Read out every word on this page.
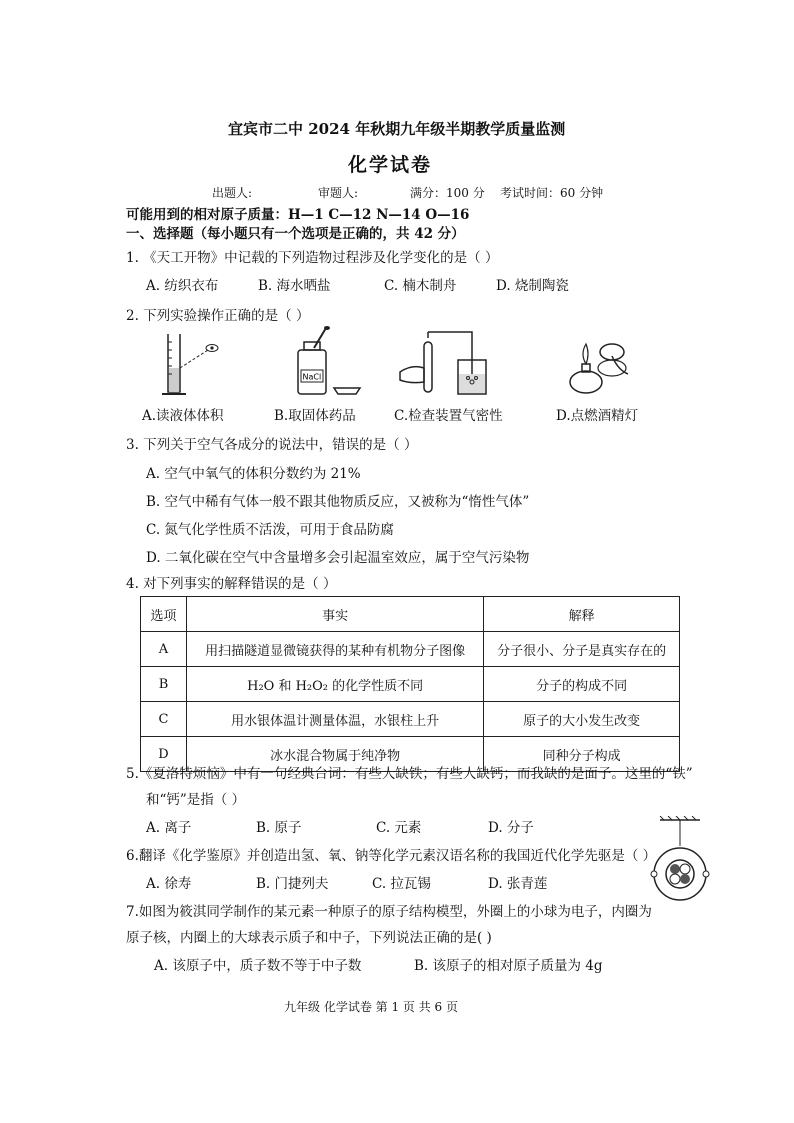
宜宾市二中 2024 年秋期九年级半期教学质量监测
化学试卷
出题人:	审题人:	满分：100 分 考试时间：60 分钟
可能用到的相对原子质量：H—1 C—12 N—14 O—16
一、选择题（每小题只有一个选项是正确的，共 42 分）
1. 《天工开物》中记载的下列造物过程涉及化学变化的是（ ）
A. 纺织衣布	B. 海水晒盐	C. 楠木制舟	D. 烧制陶瓷
2. 下列实验操作正确的是（ ）
NaCl
A.读液体体积	B.取固体药品	C.检查装置气密性	D.点燃酒精灯
3. 下列关于空气各成分的说法中，错误的是（ ）
A. 空气中氧气的体积分数约为 21%
B. 空气中稀有气体一般不跟其他物质反应，又被称为“惰性气体”
C. 氮气化学性质不活泼，可用于食品防腐
D. 二氧化碳在空气中含量增多会引起温室效应，属于空气污染物
4. 对下列事实的解释错误的是（ ）
选项	事实	解释
A	用扫描隧道显微镜获得的某种有机物分子图像	分子很小、分子是真实存在的
B	H₂O 和 H₂O₂ 的化学性质不同	分子的构成不同
C	用水银体温计测量体温，水银柱上升	原子的大小发生改变
D	冰水混合物属于纯净物	同种分子构成
5.《夏洛特烦恼》中有一句经典台词：有些人缺铁；有些人缺钙；而我缺的是面子。这里的“铁”
和“钙”是指（ ）
A. 离子	B. 原子	C. 元素	D. 分子
6.翻译《化学鉴原》并创造出氢、氧、钠等化学元素汉语名称的我国近代化学先驱是（ ）
A. 徐寿	B. 门捷列夫	C. 拉瓦锡	D. 张青莲
7.如图为筱淇同学制作的某元素一种原子的原子结构模型，外圈上的小球为电子，内圈为
原子核，内圈上的大球表示质子和中子，下列说法正确的是( )
A. 该原子中，质子数不等于中子数	B. 该原子的相对原子质量为 4g
九年级 化学试卷 第 1 页 共 6 页
